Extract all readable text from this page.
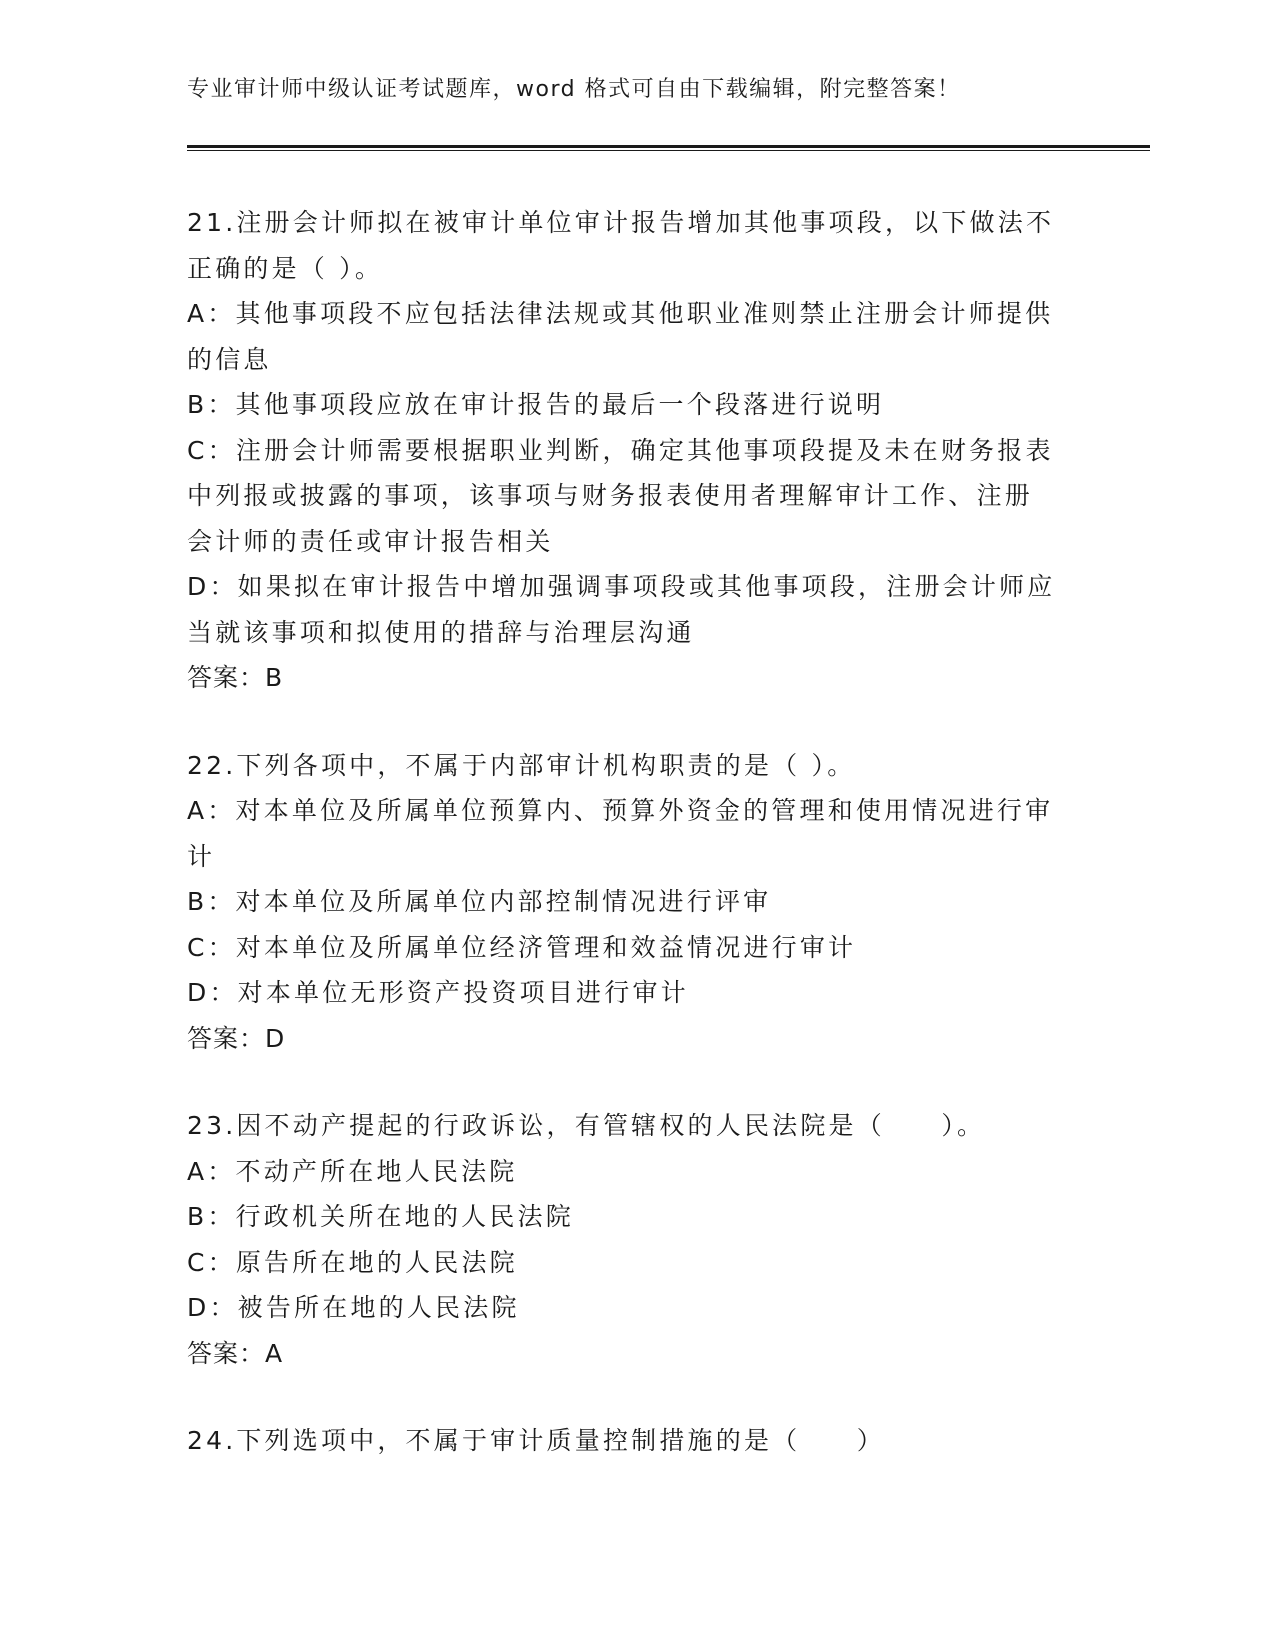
专业审计师中级认证考试题库，word 格式可自由下载编辑，附完整答案！
21.注册会计师拟在被审计单位审计报告增加其他事项段，以下做法不
正确的是（ ）。
A：其他事项段不应包括法律法规或其他职业准则禁止注册会计师提供
的信息
B：其他事项段应放在审计报告的最后一个段落进行说明
C：注册会计师需要根据职业判断，确定其他事项段提及未在财务报表
中列报或披露的事项，该事项与财务报表使用者理解审计工作、注册
会计师的责任或审计报告相关
D：如果拟在审计报告中增加强调事项段或其他事项段，注册会计师应
当就该事项和拟使用的措辞与治理层沟通
答案：B
22.下列各项中，不属于内部审计机构职责的是（ ）。
A：对本单位及所属单位预算内、预算外资金的管理和使用情况进行审
计
B：对本单位及所属单位内部控制情况进行评审
C：对本单位及所属单位经济管理和效益情况进行审计
D：对本单位无形资产投资项目进行审计
答案：D
23.因不动产提起的行政诉讼，有管辖权的人民法院是（　　）。
A：不动产所在地人民法院
B：行政机关所在地的人民法院
C：原告所在地的人民法院
D：被告所在地的人民法院
答案：A
24.下列选项中，不属于审计质量控制措施的是（　　）
